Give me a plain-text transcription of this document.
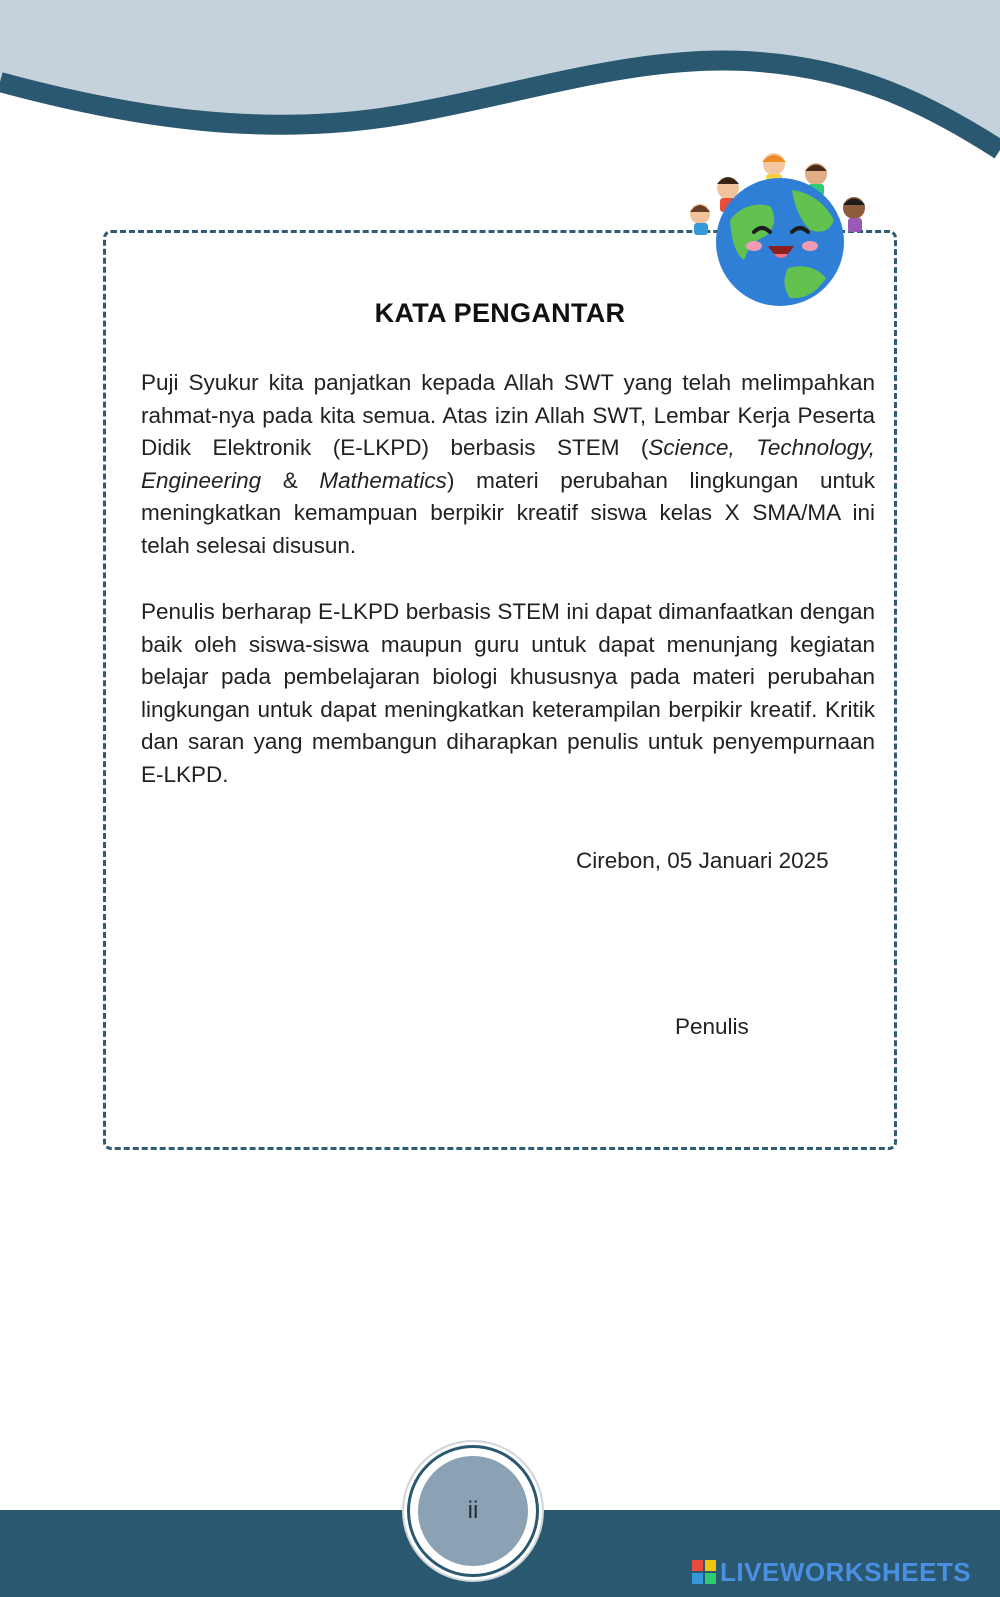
KATA PENGANTAR

Puji Syukur kita panjatkan kepada Allah SWT yang telah melimpahkan rahmat-nya pada kita semua. Atas izin Allah SWT, Lembar Kerja Peserta Didik Elektronik (E-LKPD) berbasis STEM (Science, Technology, Engineering & Mathematics) materi perubahan lingkungan untuk meningkatkan kemampuan berpikir kreatif siswa kelas X SMA/MA ini telah selesai disusun.

Penulis berharap E-LKPD berbasis STEM ini dapat dimanfaatkan dengan baik oleh siswa-siswa maupun guru untuk dapat menunjang kegiatan belajar pada pembelajaran biologi khususnya pada materi perubahan lingkungan untuk dapat meningkatkan keterampilan berpikir kreatif. Kritik dan saran yang membangun diharapkan penulis untuk penyempurnaan E-LKPD.

Cirebon, 05 Januari 2025
Penulis
ii
LIVEWORKSHEETS
